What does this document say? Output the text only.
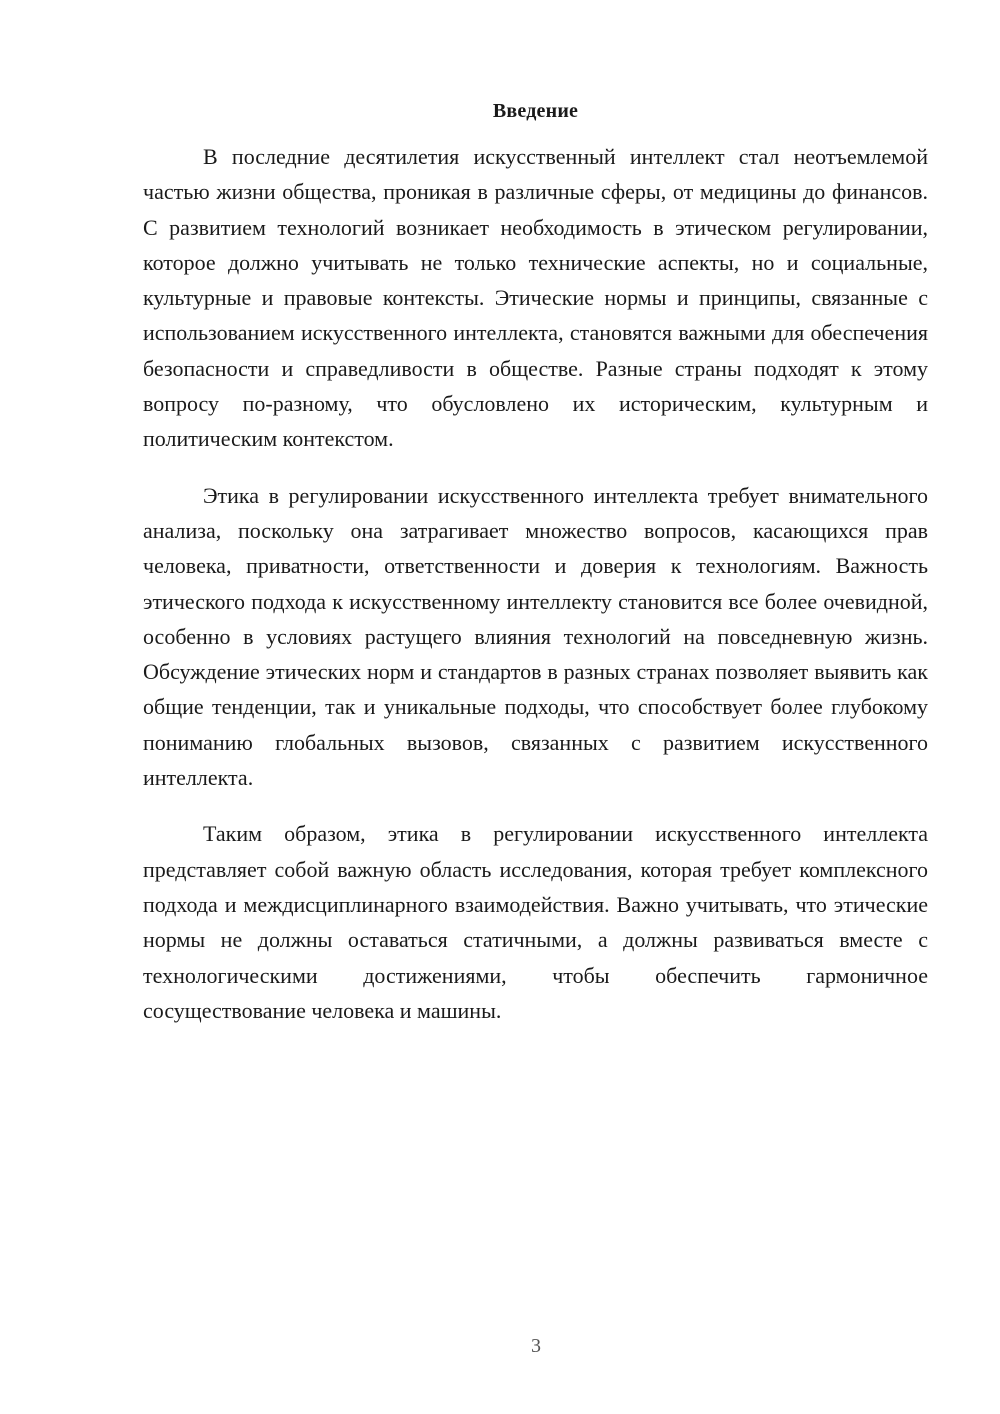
Введение

В последние десятилетия искусственный интеллект стал неотъемлемой частью жизни общества, проникая в различные сферы, от медицины до финансов. С развитием технологий возникает необходимость в этическом регулировании, которое должно учитывать не только технические аспекты, но и социальные, культурные и правовые контексты. Этические нормы и принципы, связанные с использованием искусственного интеллекта, становятся важными для обеспечения безопасности и справедливости в обществе. Разные страны подходят к этому вопросу по-разному, что обусловлено их историческим, культурным и политическим контекстом.

Этика в регулировании искусственного интеллекта требует внимательного анализа, поскольку она затрагивает множество вопросов, касающихся прав человека, приватности, ответственности и доверия к технологиям. Важность этического подхода к искусственному интеллекту становится все более очевидной, особенно в условиях растущего влияния технологий на повседневную жизнь. Обсуждение этических норм и стандартов в разных странах позволяет выявить как общие тенденции, так и уникальные подходы, что способствует более глубокому пониманию глобальных вызовов, связанных с развитием искусственного интеллекта.

Таким образом, этика в регулировании искусственного интеллекта представляет собой важную область исследования, которая требует комплексного подхода и междисциплинарного взаимодействия. Важно учитывать, что этические нормы не должны оставаться статичными, а должны развиваться вместе с технологическими достижениями, чтобы обеспечить гармоничное сосуществование человека и машины.

3
